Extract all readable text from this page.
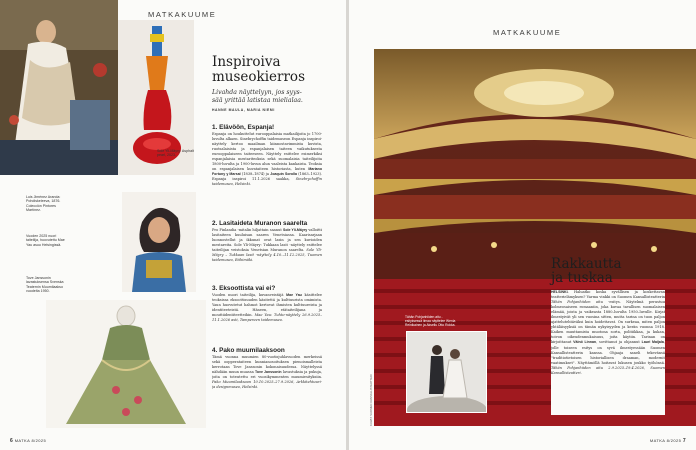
Sole Yli-Mäyry: Asphalt pearl, 2023.
Luis Jiménez Aranda: Pohdiskeleeva, 1876. Colección Pintores Martínez.
Vuoden 2025 nuori taiteilija, huovutettu Mae Yau asuu Helsingissä.
Tove Janssonin lavastuksensa Svenska Teaternin Muumilaakso vuodelta 1950.
MATKAKUUME
Inspiroiva
museokierros
Livahda näyttelyyn, jos syys-
sää yrittää latistaa mielialaa.
HANNE MAULA, MARIA NIEMI
1. Elävöön, Espanja!
Espanja on houkuttelut eurooppalaisia matkailijoita jo 1700-luvulta alkaen. Sinebrychoffin taidemuseon Espanja inspiroi-näyttely kertoo maailman kiinnostavimmista kuvista, ruotsalaisista ja espanjalaisen taiteen vaikutuksesta eurooppalaiseen taiteeseen. Näyttely esittelee esimerkiksi espanjalaisia mestariteoksia sekä suomalaisia taiteilijoita 1800-luvulta ja 1900-luvun alun vaaleista kankaista. Teoksia on espanjalaisen kuvataiteen historiasta, kuten Mariano Fortuny y Marsal (1838–1874) ja Joaquín Sorolla (1863–1923). Espanja inspiroi 11.1.2026 saakka, Sinebrychoffin taidemuseo, Helsinki.
2. Lasitaideta Muranon saarelta
Pro Finlandia -mitalin hiljattain saanut Sole Yli-Mäyry valloitti lasitaiteen kuuluisan saaren Venetsiassa. Kaarisarjaan luonnostellut ja ikkunat ovat lasin ja sen kuvioiden mestareita. Sole Yli-Mäyry: Tukkaan lasit -näyttely esittelee taiteilijan veistoksia Venetsian Muranon saarelta. Sole Yli-Mäyry – Tukkaan lasit -näyttely 4.10.–11.12.2025, Tuomen taidemuseo, Riihimäki.
3. Eksoottista vai ei?
Vuoden nuori taiteilija, kuvanveistäjä Mae Yau käsittelee teoksissa eksoottisuuden käsitettä ja kulttuurista omimista. Yaun huovutetut hahmot kertovat ihmisten kulttuureista ja identiteeteistä. Häneen, etätaiteilijana ja mouttiidentiteetteihin. Mae Yau: Tuhto-näyttely 26.9.2025–11.1.2026 asti, Tampereen taidemuseo.
4. Pako muumilaaksoon
Tämä vuonna muumien 80-vuotisjuhlavuoden merkeissä sekä oopperataiteen kunnianosoituksen pienoismalleista kerrotaan Tove Janssonin kokonaisuudessa. Näyttelyssä nähdään muun muassa Tove Janssonin lavastuksia ja pukuja, joita on toteutettu eri vuosikymmenten muumiesityksiin. Pako Muumilaaksoon 10.10.2025–27.9.2026, Arkkitehtuuri- ja designmuseo, Helsinki.
6 MATKA 8/2025
MATKAKUUME
Tähän Pohjanhiiden aitu -esityksessä ilmaa näyttelee Wenla Reinikainen ja Aksellu Otto Rokka.
Rakkautta
ja tuskaa
HELSINKI. Haluatko koska syvällisen ja koskettavan teatterielämyksen? Varma vinkki on Suomen Kansallisteatterin Tähän Pohjanhiiden aitu -esitys. Näytelmä perustuu kolmeosaiseen romaaniin, joka kuvaa tavallisen suomalaisen elämää, joista ja vaikeasta 1880–luvulta 1950–luvulle. Kirjat ilmestyivät yli sen vuosina sitten, mutta tarina on tuon paljon ajattelutehtäväksi kuin hoidettavat. On surkeaa, miten paljon yhtäläisyyksiä on tämän nykyisyyden ja kerän vuonna 1918. Kaiken muuttamista muotona sorta, politiikkaa, ja kukan, toivon oikeudenmukaisuus, joita käytiin. Tarinan on kirjoittanut Väinö Linnan, sovittanut ja ohjannut Lauri Maijala, jolle toiseen esitys on syvä ilmestyessään Suomen Kansallisteatterin kanssa. Ohjaaja saneli tekevänsä "traditiotietoisen historiallisen draaman, modernit vaatimukset". Näyttämöllä hoitavat lukusen joukko työhönsä. Tähän Pohjanhiiden aitu 2.9.2025–19.4.2026, Suomen Kansallisteatteri.
KUVAT: SUOMEN KANSALLISTEATTERI
MATKA 8/2025 7
